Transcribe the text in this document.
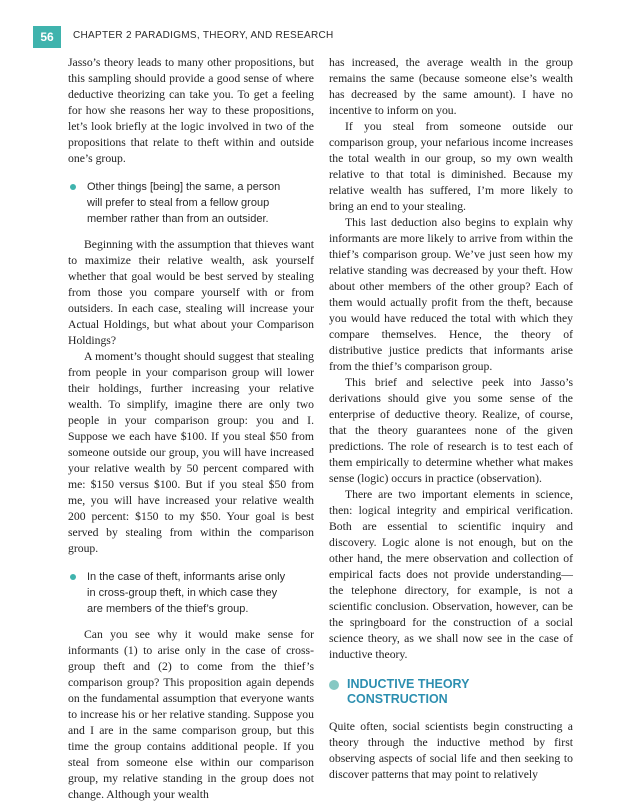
56	CHAPTER 2 PARADIGMS, THEORY, AND RESEARCH

Jasso’s theory leads to many other propositions, but this sampling should provide a good sense of where deductive theorizing can take you. To get a feeling for how she reasons her way to these propositions, let’s look briefly at the logic involved in two of the propositions that relate to theft within and outside one’s group.

Other things [being] the same, a person will prefer to steal from a fellow group member rather than from an outsider.

Beginning with the assumption that thieves want to maximize their relative wealth, ask yourself whether that goal would be best served by stealing from those you compare yourself with or from outsiders. In each case, stealing will increase your Actual Holdings, but what about your Comparison Holdings?

A moment’s thought should suggest that stealing from people in your comparison group will lower their holdings, further increasing your relative wealth. To simplify, imagine there are only two people in your comparison group: you and I. Suppose we each have $100. If you steal $50 from someone outside our group, you will have increased your relative wealth by 50 percent compared with me: $150 versus $100. But if you steal $50 from me, you will have increased your relative wealth 200 percent: $150 to my $50. Your goal is best served by stealing from within the comparison group.

In the case of theft, informants arise only in cross-group theft, in which case they are members of the thief’s group.

Can you see why it would make sense for informants (1) to arise only in the case of cross-group theft and (2) to come from the thief’s comparison group? This proposition again depends on the fundamental assumption that everyone wants to increase his or her relative standing. Suppose you and I are in the same comparison group, but this time the group contains additional people. If you steal from someone else within our comparison group, my relative standing in the group does not change. Although your wealth

has increased, the average wealth in the group remains the same (because someone else’s wealth has decreased by the same amount). I have no incentive to inform on you.

If you steal from someone outside our comparison group, your nefarious income increases the total wealth in our group, so my own wealth relative to that total is diminished. Because my relative wealth has suffered, I’m more likely to bring an end to your stealing.

This last deduction also begins to explain why informants are more likely to arrive from within the thief’s comparison group. We’ve just seen how my relative standing was decreased by your theft. How about other members of the other group? Each of them would actually profit from the theft, because you would have reduced the total with which they compare themselves. Hence, the theory of distributive justice predicts that informants arise from the thief’s comparison group.

This brief and selective peek into Jasso’s derivations should give you some sense of the enterprise of deductive theory. Realize, of course, that the theory guarantees none of the given predictions. The role of research is to test each of them empirically to determine whether what makes sense (logic) occurs in practice (observation).

There are two important elements in science, then: logical integrity and empirical verification. Both are essential to scientific inquiry and discovery. Logic alone is not enough, but on the other hand, the mere observation and collection of empirical facts does not provide understanding—the telephone directory, for example, is not a scientific conclusion. Observation, however, can be the springboard for the construction of a social science theory, as we shall now see in the case of inductive theory.

INDUCTIVE THEORY CONSTRUCTION

Quite often, social scientists begin constructing a theory through the inductive method by first observing aspects of social life and then seeking to discover patterns that may point to relatively
